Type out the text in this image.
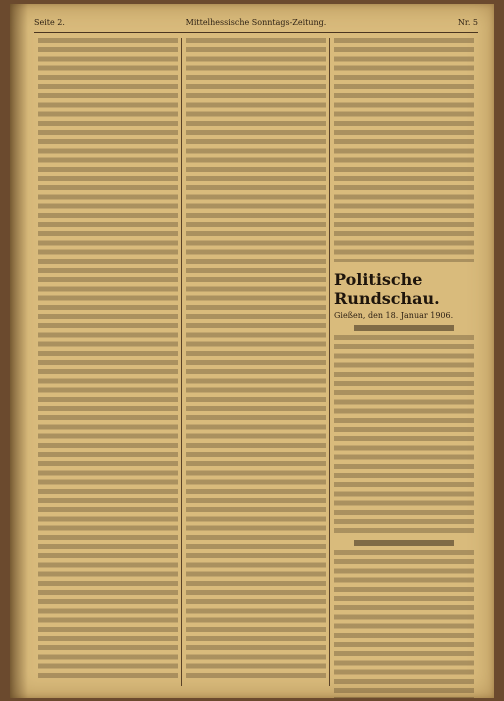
Seite 2.	Mittelhessische Sonntags-Zeitung.	Nr. 5
Politische Rundschau.
Gießen, den 18. Januar 1906.
